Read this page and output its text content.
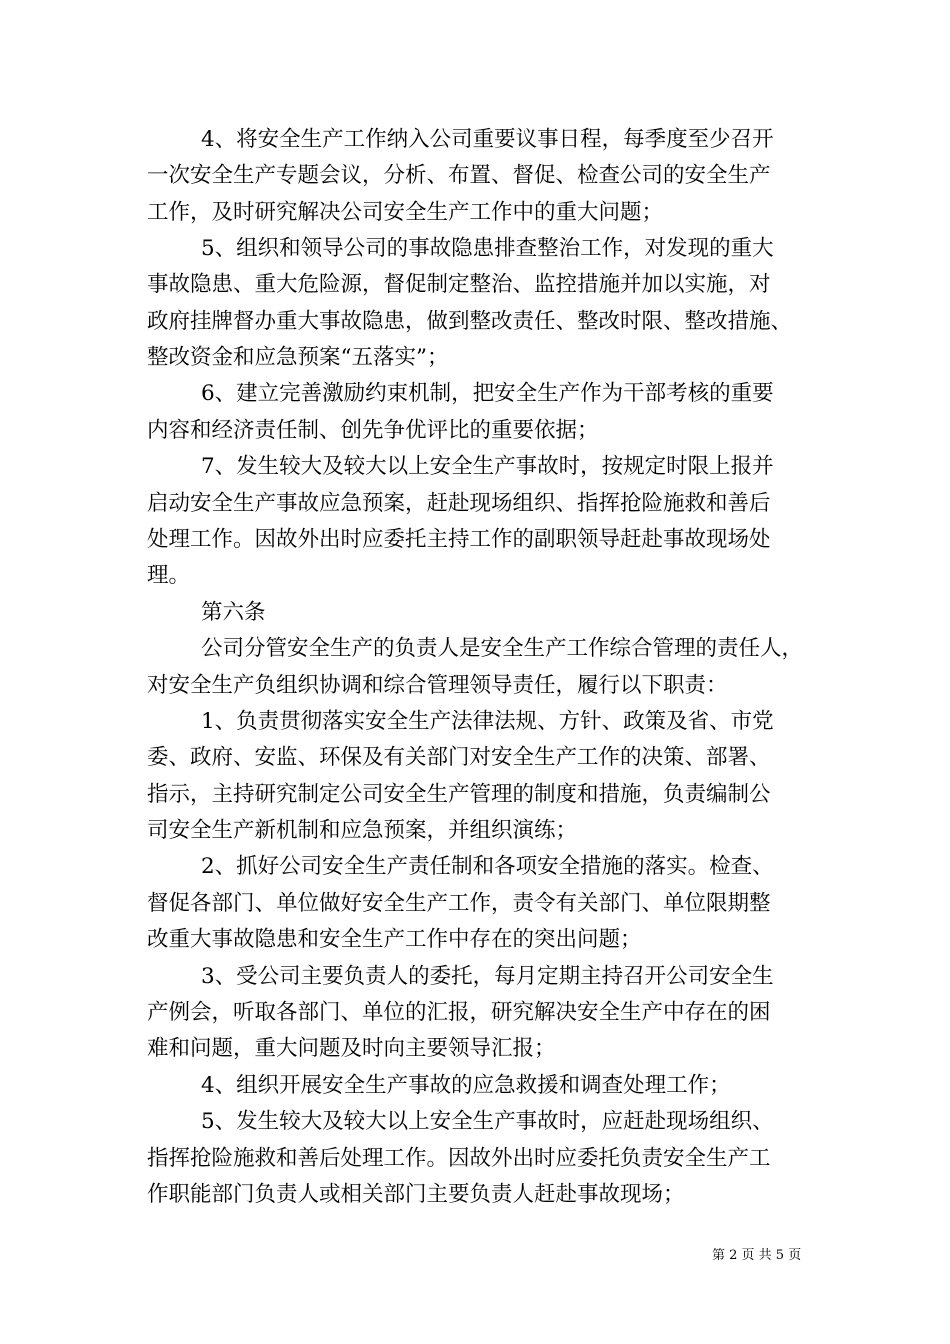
4、将安全生产工作纳入公司重要议事日程，每季度至少召开
一次安全生产专题会议，分析、布置、督促、检查公司的安全生产
工作，及时研究解决公司安全生产工作中的重大问题；
5、组织和领导公司的事故隐患排查整治工作，对发现的重大
事故隐患、重大危险源，督促制定整治、监控措施并加以实施，对
政府挂牌督办重大事故隐患，做到整改责任、整改时限、整改措施、
整改资金和应急预案“五落实”；
6、建立完善激励约束机制，把安全生产作为干部考核的重要
内容和经济责任制、创先争优评比的重要依据；
7、发生较大及较大以上安全生产事故时，按规定时限上报并
启动安全生产事故应急预案，赶赴现场组织、指挥抢险施救和善后
处理工作。因故外出时应委托主持工作的副职领导赶赴事故现场处
理。
第六条
公司分管安全生产的负责人是安全生产工作综合管理的责任人，
对安全生产负组织协调和综合管理领导责任，履行以下职责：
1、负责贯彻落实安全生产法律法规、方针、政策及省、市党
委、政府、安监、环保及有关部门对安全生产工作的决策、部署、
指示，主持研究制定公司安全生产管理的制度和措施，负责编制公
司安全生产新机制和应急预案，并组织演练；
2、抓好公司安全生产责任制和各项安全措施的落实。检查、
督促各部门、单位做好安全生产工作，责令有关部门、单位限期整
改重大事故隐患和安全生产工作中存在的突出问题；
3、受公司主要负责人的委托，每月定期主持召开公司安全生
产例会，听取各部门、单位的汇报，研究解决安全生产中存在的困
难和问题，重大问题及时向主要领导汇报；
4、组织开展安全生产事故的应急救援和调查处理工作；
5、发生较大及较大以上安全生产事故时，应赶赴现场组织、
指挥抢险施救和善后处理工作。因故外出时应委托负责安全生产工
作职能部门负责人或相关部门主要负责人赶赴事故现场；
第 2 页 共 5 页
